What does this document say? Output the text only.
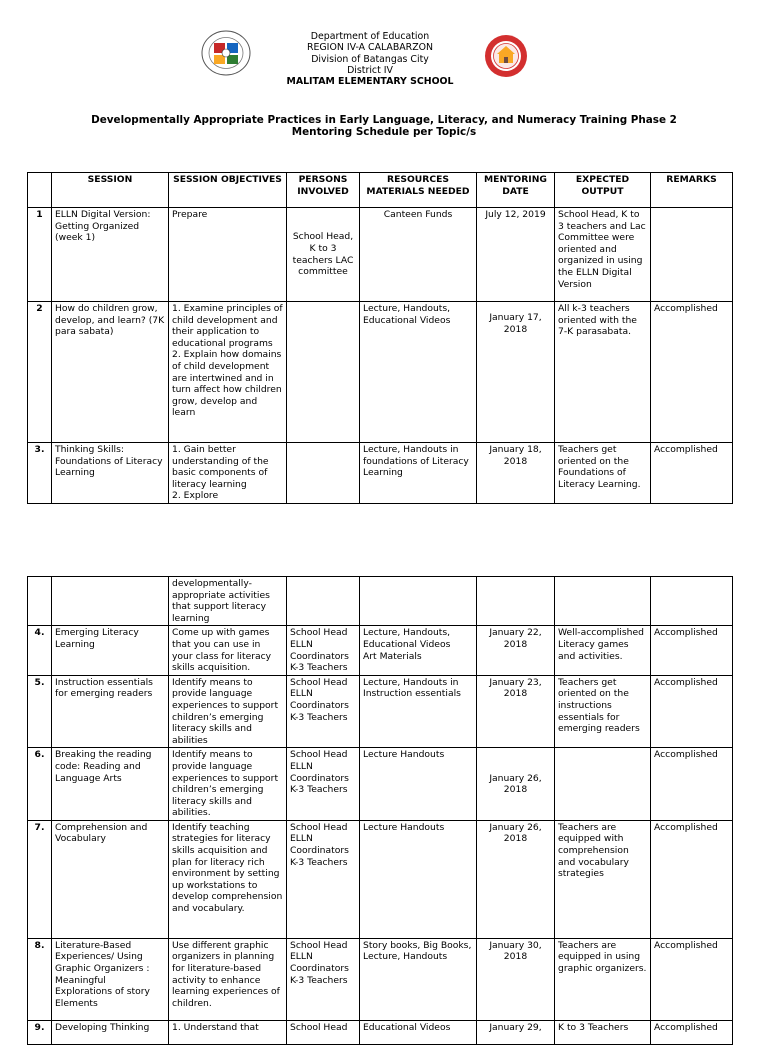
Department of Education
REGION IV-A CALABARZON
Division of Batangas City
District IV
MALITAM ELEMENTARY SCHOOL
Developmentally Appropriate Practices in Early Language, Literacy, and Numeracy Training Phase 2
Mentoring Schedule per Topic/s
	SESSION	SESSION OBJECTIVES	PERSONS INVOLVED	RESOURCES MATERIALS NEEDED	MENTORING DATE	EXPECTED OUTPUT	REMARKS
1	ELLN Digital Version: Getting Organized (week 1)	Prepare	School Head, K to 3 teachers LAC committee	Canteen Funds	July 12, 2019	School Head, K to 3 teachers and Lac Committee were oriented and organized in using the ELLN Digital Version	
2	How do children grow, develop, and learn? (7K para sabata)	1. Examine principles of child development and their application to educational programs
2. Explain how domains of child development are intertwined and in turn affect how children grow, develop and learn		Lecture, Handouts, Educational Videos	January 17, 2018	All k-3 teachers oriented with the 7-K parasabata.	Accomplished
3.	Thinking Skills: Foundations of Literacy Learning	1. Gain better understanding of the basic components of literacy learning
2. Explore		Lecture, Handouts in foundations of Literacy Learning	January 18, 2018	Teachers get oriented on the Foundations of Literacy Learning.	Accomplished
		developmentally-appropriate activities that support literacy learning					
4.	Emerging Literacy Learning	Come up with games that you can use in your class for literacy skills acquisition.	School Head
ELLN Coordinators
K-3 Teachers	Lecture, Handouts, Educational Videos
Art Materials	January 22, 2018	Well-accomplished Literacy games and activities.	Accomplished
5.	Instruction essentials for emerging readers	Identify means to provide language experiences to support children’s emerging literacy skills and abilities	School Head
ELLN Coordinators
K-3 Teachers	Lecture, Handouts in Instruction essentials	January 23, 2018	Teachers get oriented on the instructions essentials for emerging readers	Accomplished
6.	Breaking the reading code: Reading and Language Arts	Identify means to provide language experiences to support children’s emerging literacy skills and abilities.	School Head
ELLN Coordinators
K-3 Teachers	Lecture Handouts	January 26, 2018		Accomplished
7.	Comprehension and Vocabulary	Identify teaching strategies for literacy skills acquisition and plan for literacy rich environment by setting up workstations to develop comprehension and vocabulary.	School Head
ELLN Coordinators
K-3 Teachers	Lecture Handouts	January 26, 2018	Teachers are equipped with comprehension and vocabulary strategies	Accomplished
8.	Literature-Based Experiences/ Using Graphic Organizers : Meaningful Explorations of story Elements	Use different graphic organizers in planning for literature-based activity to enhance learning experiences of children.	School Head
ELLN Coordinators
K-3 Teachers	Story books, Big Books, Lecture, Handouts	January 30, 2018	Teachers are equipped in using graphic organizers.	Accomplished
9.	Developing Thinking	1. Understand that	School Head	Educational Videos	January 29,	K to 3 Teachers	Accomplished
